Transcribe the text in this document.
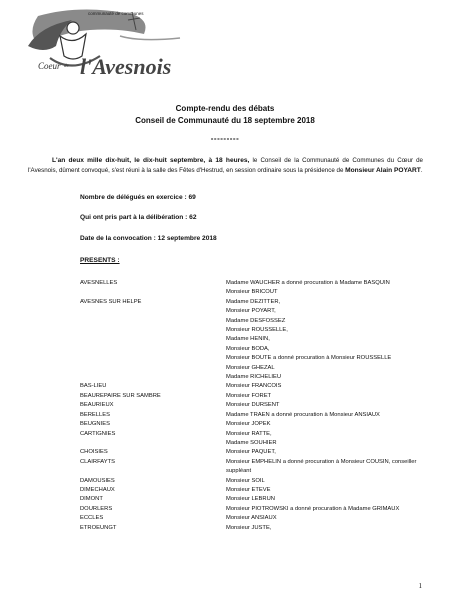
communauté de communes
Coeur de l'Avesnois
Compte-rendu des débats
Conseil de Communauté du 18 septembre 2018
---------
L'an deux mille dix-huit, le dix-huit septembre, à 18 heures, le Conseil de la Communauté de Communes du Cœur de l'Avesnois, dûment convoqué, s'est réuni à la salle des Fêtes d'Hestrud, en session ordinaire sous la présidence de Monsieur Alain POYART.
Nombre de délégués en exercice : 69
Qui ont pris part à la délibération : 62
Date de la convocation : 12 septembre 2018
PRESENTS :
AVESNELLES	Madame WAUCHER a donné procuration à Madame BASQUIN
Monsieur BRICOUT
AVESNES SUR HELPE	Madame DEZITTER,
Monsieur POYART,
Madame DESFOSSEZ
Monsieur ROUSSELLE,
Madame HENIN,
Monsieur BODA,
Monsieur BOUTE a donné procuration à Monsieur ROUSSELLE
Monsieur GHEZAL
Madame RICHELIEU
BAS-LIEU	Monsieur FRANCOIS
BEAUREPAIRE SUR SAMBRE	Monsieur FORET
BEAURIEUX	Monsieur DURSENT
BERELLES	Madame TRAEN a donné procuration à Monsieur ANSIAUX
BEUGNIES	Monsieur JOPEK
CARTIGNIES	Monsieur RATTE,
Madame SOUHIER
CHOISIES	Monsieur PAQUET,
CLAIRFAYTS	Monsieur EMPHELIN a donné procuration à Monsieur COUSIN, conseiller suppléant
DAMOUSIES	Monsieur SOIL
DIMECHAUX	Monsieur ETEVE
DIMONT	Monsieur LEBRUN
DOURLERS	Monsieur PIOTROWSKI a donné procuration à Madame GRIMAUX
ECCLES	Monsieur ANSIAUX
ETROEUNGT	Monsieur JUSTE,
1
